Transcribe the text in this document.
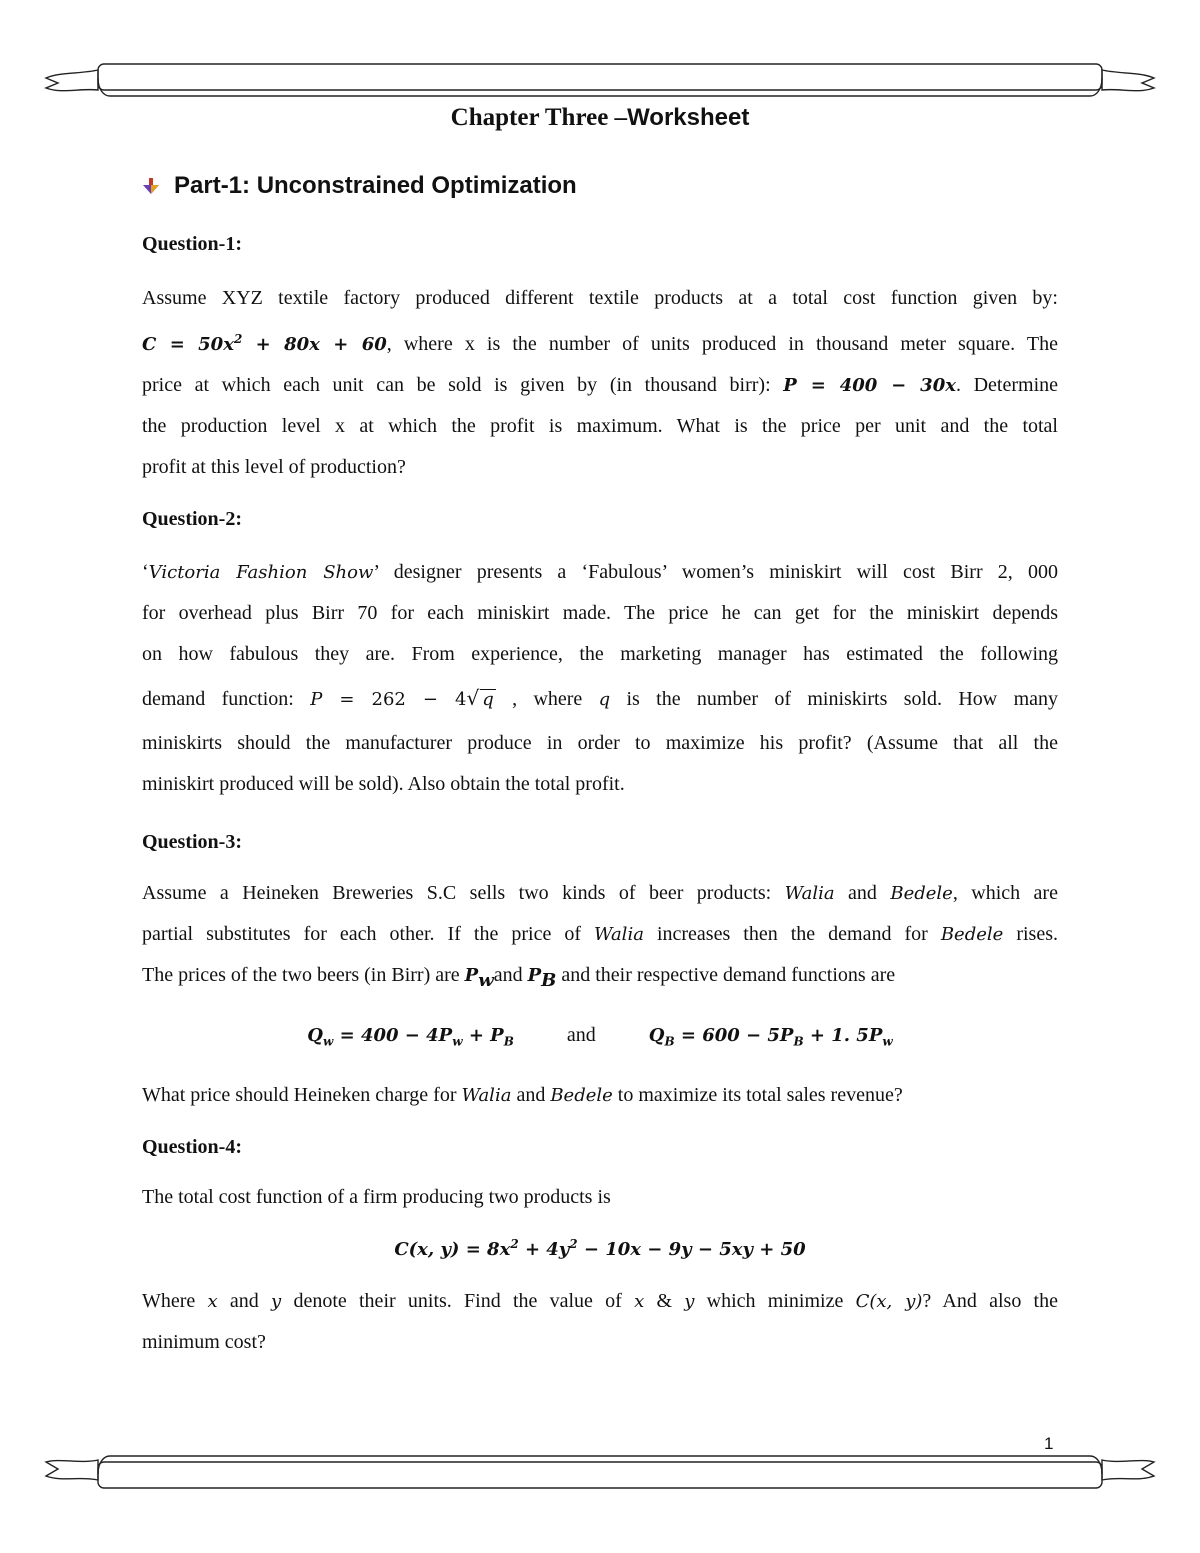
Chapter Three –Worksheet
Part-1: Unconstrained Optimization

Question-1:

Assume XYZ textile factory produced different textile products at a total cost function given by:
$C = 50x^2 + 80x + 60$, where x is the number of units produced in thousand meter square. The
price at which each unit can be sold is given by (in thousand birr): P = 400 − 30x. Determine
the production level x at which the profit is maximum. What is the price per unit and the total
profit at this level of production?

Question-2:

‘Victoria Fashion Show’ designer presents a ‘Fabulous’ women’s miniskirt will cost Birr 2, 000
for overhead plus Birr 70 for each miniskirt made. The price he can get for the miniskirt depends
on how fabulous they are. From experience, the marketing manager has estimated the following
demand function: P = 262 − 4√ q , where q is the number of miniskirts sold. How many
miniskirts should the manufacturer produce in order to maximize his profit? (Assume that all the
miniskirt produced will be sold). Also obtain the total profit.

Question-3:

Assume a Heineken Breweries S.C sells two kinds of beer products: Walia and Bedele, which are
partial substitutes for each other. If the price of Walia increases then the demand for Bedele rises.
The prices of the two beers (in Birr) are $P_wand$ $P_B$ and their respective demand functions are

$Q_w = 400 - 4P_w + P_B$	and	$Q_B = 600 - 5P_B + 1$. $5P_w$

What price should Heineken charge for Walia and Bedele to maximize its total sales revenue?

Question-4:

The total cost function of a firm producing two products is

C(x, $y) = 8x^2 + 4y^2 - 10x - 9y - 5xy + 50$

Where x and y denote their units. Find the value of x & y which minimize C(x, y)? And also the
minimum cost?

1
